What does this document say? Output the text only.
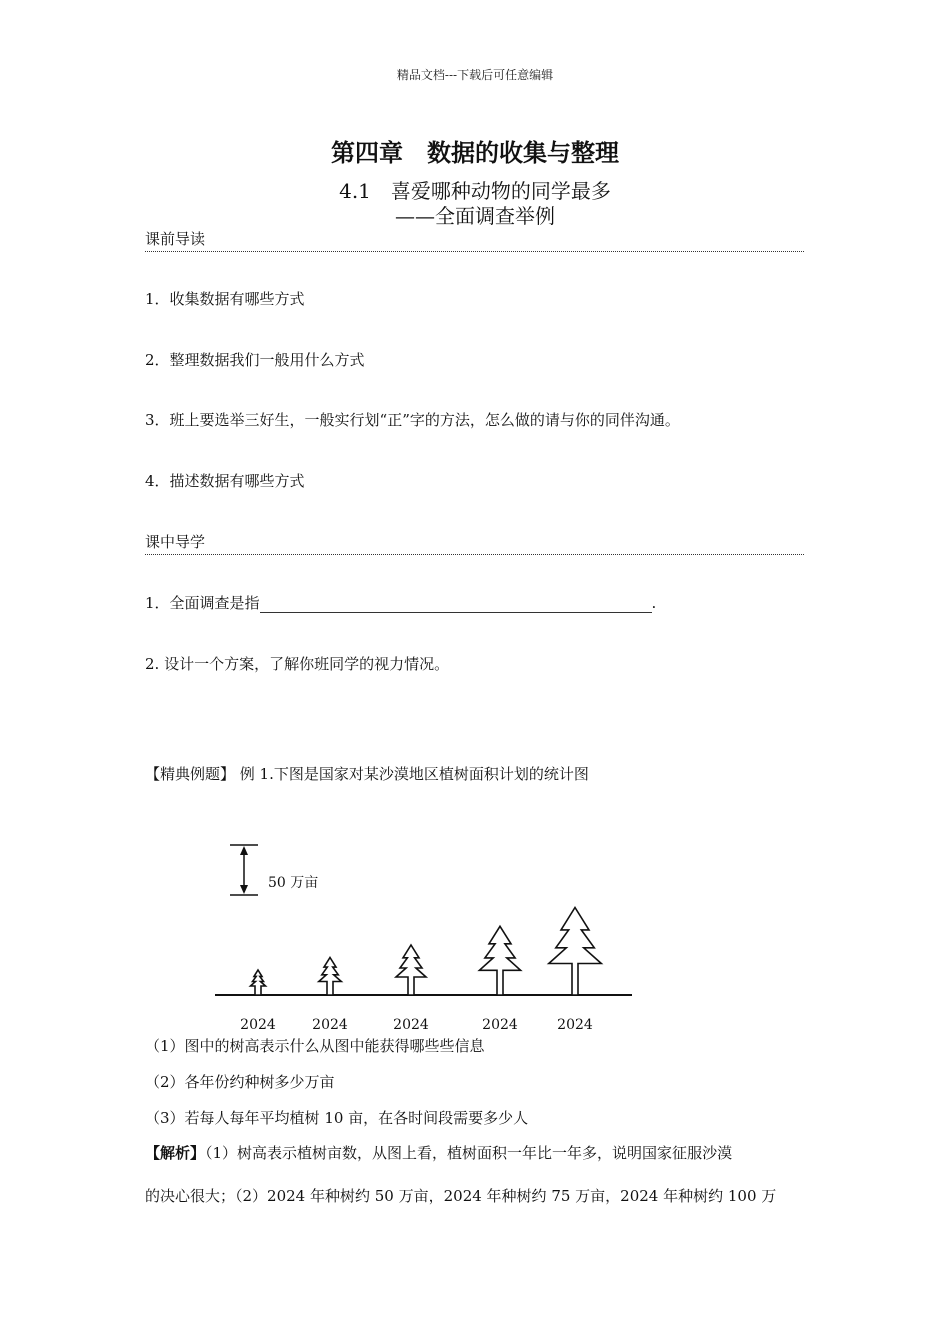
精品文档---下载后可任意编辑
第四章　数据的收集与整理
4.1　喜爱哪种动物的同学最多
——全面调查举例
课前导读
1．收集数据有哪些方式
2．整理数据我们一般用什么方式
3．班上要选举三好生，一般实行划“正”字的方法，怎么做的请与你的同伴沟通。
4．描述数据有哪些方式
课中导学
1．全面调查是指	.
2. 设计一个方案，了解你班同学的视力情况。
【精典例题】 例 1.下图是国家对某沙漠地区植树面积计划的统计图
50 万亩
2024	2024	2024	2024	2024
（1）图中的树高表示什么从图中能获得哪些些信息
（2）各年份约种树多少万亩
（3）若每人每年平均植树 10 亩，在各时间段需要多少人
【解析】（1）树高表示植树亩数，从图上看，植树面积一年比一年多，说明国家征服沙漠
的决心很大；（2）2024 年种树约 50 万亩，2024 年种树约 75 万亩，2024 年种树约 100 万
